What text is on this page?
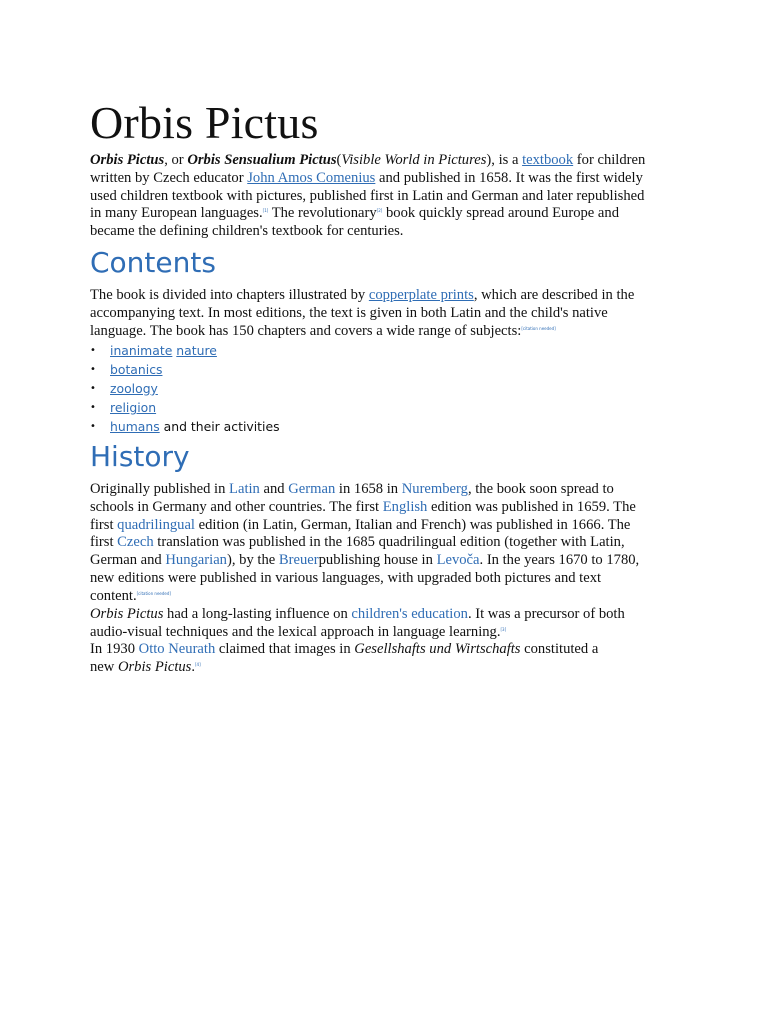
Orbis Pictus

Orbis Pictus, or Orbis Sensualium Pictus(Visible World in Pictures), is a textbook for children
written by Czech educator John Amos Comenius and published in 1658. It was the first widely
used children textbook with pictures, published first in Latin and German and later republished
in many European languages.[1] The revolutionary[2] book quickly spread around Europe and
became the defining children's textbook for centuries.

Contents

The book is divided into chapters illustrated by copperplate prints, which are described in the
accompanying text. In most editions, the text is given in both Latin and the child's native
language. The book has 150 chapters and covers a wide range of subjects:[citation needed]

• inanimate nature
• botanics
• zoology
• religion
• humans and their activities
History

Originally published in Latin and German in 1658 in Nuremberg, the book soon spread to
schools in Germany and other countries. The first English edition was published in 1659. The
first quadrilingual edition (in Latin, German, Italian and French) was published in 1666. The
first Czech translation was published in the 1685 quadrilingual edition (together with Latin,
German and Hungarian), by the Breuerpublishing house in Levoča. In the years 1670 to 1780,
new editions were published in various languages, with upgraded both pictures and text
content.[citation needed]

Orbis Pictus had a long-lasting influence on children's education. It was a precursor of both
audio-visual techniques and the lexical approach in language learning.[3]

In 1930 Otto Neurath claimed that images in Gesellshafts und Wirtschafts constituted a
new Orbis Pictus.[4]
